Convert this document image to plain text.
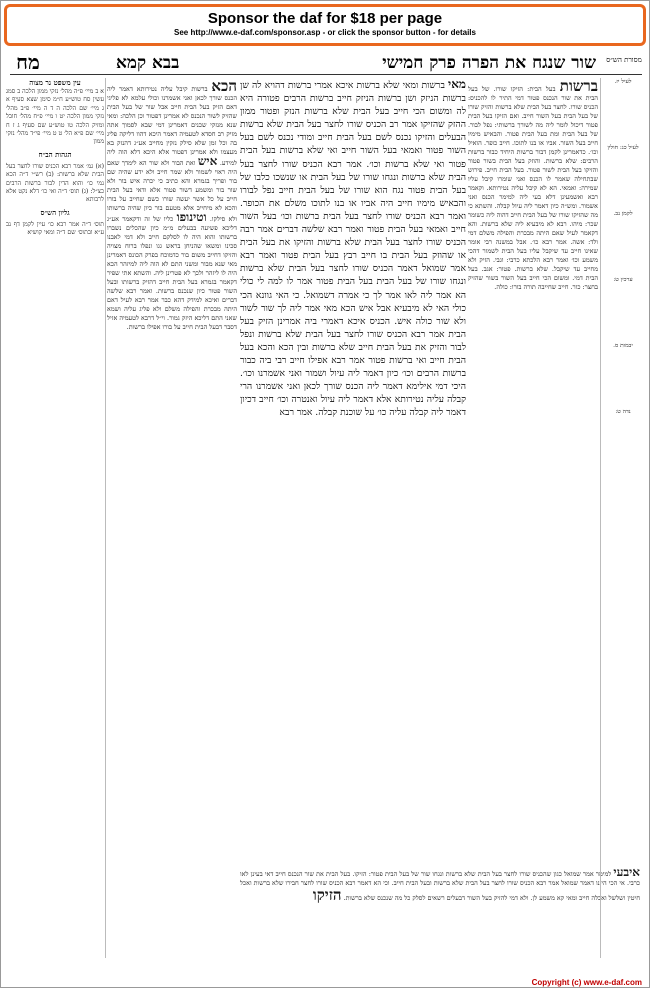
Sponsor the daf for $18 per page
See http://www.e-daf.com/sponsor.asp - or click the sponsor button - for details
מח	שור שנגח את הפרה פרק חמישי
בבא קמא	מסורת הש״ס

עין משפט נר מצוה

א ב מיי׳ פ״ה מהל׳ נזקי ממון הלכה ב סמג עשין סח טוש״ע ח״מ סימן שצא סעיף א ג מיי׳ שם הלכה ה ד ה מיי׳ פ״ב מהל׳ נזקי ממון הלכה יט ו מיי׳ פ״ח מהל׳ חובל ומזיק הלכה טו טוש״ע שם סעיף ג ז ח מיי׳ שם פ״א הל׳ ט ט מיי׳ פי״ד מהל׳ נזקי ממון

הגהות הב״ח

(א) גמ׳ אמר רבא הכניס שורו לחצר בעל הבית שלא ברשות: (ב) רש״י ד״ה הכא נמי כו׳ והוא הדין לבור ברשות הרבים כצ״ל: (ג) תוס׳ ד״ה ואי כו׳ דלא נקט אלא לרבותא

גליון הש״ס

תוס׳ ד״ה אמר רבא כו׳ עיין לקמן דף נב ע״א ובתוס׳ שם ד״ה ומאי קושיא

הכא ברשות קיבל עליה נטירותא דאמר ליה הכנס שורך לכאן ואני אשמרנו וכולי עלמא לא פליגי דאם הזיק בעל הבית חייב אבל שור של בעל הבית שהזיק לשור הנכנס לא אמרינן דפטור וכן הלכה: ומאי שנא מנזקי שכנים דאמרינן דמי שבא לסמוך אתה מזיק רב חסדא לטעמיה דאמר היכא דהוו דליקה פליג בה וכל זמן שלא סילק נזקין מחייב אע״ג דהנזק בא מעצמו ולא אמרינן דפטור אלא היכא דלא הוה ליה למידע. איש ואת הבור ולא שור הא לימדך שאם היה ראוי לשמור ולא שמר חייב ולא ידע שהיה שם בור ופריך בגמרא והא כתיב כי יכרה איש בור ולא שור בור ומשמע דשור פטור אלא ודאי בעל הבית חייב על כל אשר יעשה שורו כשם שחייב על בורו והכא לא מיחייב אלא מטעם בור כיון שהיה ברשותו ולא סילקו. וטינופו כליו של זה ודקאמר אע״ג דליכא פשיעה בבעלים מ״מ כיון שהכלים נשברו ברשותו והוא היה לו לסלקם חייב ולא דמי לאבנו סכינו ומשאו שהניחן בראש גגו ונפלו ברוח מצויה והזיקו דחייב משום בור כדמוכח בפרק הכונס דאמרינן מאי שנא מבור ומשני התם לא הוה ליה למיזהר הכא היה לו ליזהר ולכך לא פטרינן ליה. והשתא אתי שפיר דקאמר בגמרא בעל הבית חייב דהזיק ברשותו ובעל השור פטור כיון שנכנס ברשות. ואמר רבא שלשה דברים ואיכא למידק דהא כבר אמר רבא לעיל דאם היתה מבכרת והפילה משלם ולא פליג עליה ושמא שאני התם דליכא היזק גמור. וי״ל דרבא לטעמיה אזיל דסבר דבעל הבית חייב על בורו אפילו ברשות.
מאי ברשות ומאי שלא ברשות איכא אמרי ברשות דהויא לה שן ברשות הניזק ושן ברשות הניזק חייב ברשות הרבים פטורה היא לה ומשום הכי חייב בעל הבית שלא ברשות הנזק ופטור ממון ההזק שהזיקו אמר רב הכניס שורו לחצר בעל הבית שלא ברשות הבעלים והזיקו נכנס לשם בעל הבית חייב ומודי נכנס לשם בעל השור פטור ואמאי בעל השור חייב ואי שלא ברשות בעל הבית פטור ואי שלא ברשות וכו׳. אמר רבא הכניס שורו לחצר בעל הבית שלא ברשות ונגחו שורו של בעל הבית או שנשכו כלבו של בעל הבית פטור נגח הוא שורו של בעל הבית חייב נפל לבורו והבאיש מימיו חייב היה אביו או בנו לתוכו משלם את הכופר. ואמר רבא הכניס שורו לחצר בעל הבית ברשות וכו׳ בעל השור חייב ואמאי בעל הבית פטור ואמר רבא שלשה דברים אמר רבה הכניס שורו לחצר בעל הבית שלא ברשות והזיקו את בעל הבית או שהוזק בעל הבית בו חייב רבץ בעל הבית פטור ואמר רבא אמר שמואל דאמר הכניס שורו לחצר בעל הבית שלא ברשות ונגחו שורו של בעל הבית בעל הבית פטור אמר לו למה לי כולי הא אמר ליה לאו אמר לך כי אמרה דשמואל. כי האי גוונא הכי כולי האי לא מיבעיא אבל איש הכא מאי אמר ליה לך שור לשור ולא שור כולה איש. הכניס איכא דאמרי ביה אמרינן הזיק בעל הבית אמר רבא הכניס שורו לחצר בעל הבית שלא ברשות ונפל לבור והזיק את בעל הבית חייב שלא ברשות ובין הכא והכא בעל הבית חייב ואי ברשות פטור אמר רבא אפילו חייב רבי ביה כבור ברשות הרבים וכו׳ כיון דאמר ליה עיול ושמור ואני אשמרנו וכו׳. היכי דמי אילימא דאמר ליה הכנס שורך לכאן ואני אשמרנו הרי קבלה עליה נטירותא אלא דאמר ליה עיול ואנטרה וכו׳ חייב דכיון דאמר ליה קבלה עליה כו׳ על שוכנת קבלה. אמר רבא
ברשות בעל הבית: הזיקו שורו. של בעל הבית את שור הנכנס פטור דמי התיר לו להכניס: הכניס שורו. לחצר בעל הבית שלא ברשות והזיק שורו של בעל הבית בעל השור חייב. ואם הזיקו בעל הבית פטור דיכול לומר ליה מה לשורך ברשותי: נפל לבור. של בעל הבית ומת בעל הבית פטור. והבאיש מימיו חייב בעל השור. אביו או בנו לתוכו. חייב כופר. הואיל וכו׳. כדאמרינן לקמן דבור ברשות היחיד כבור ברשות הרבים: שלא ברשות. והוזק בעל הבית בשור פטור והזיקו בעל הבית לשור פטור. בעל הבית חייב. פירוש שבתחילה שאמר לו הכנס ואני שומרו קיבל עליו שמירה: ואמאי. הא לא קיבל עליה נטירותא. וקאמר רבא ואשמעינן דלא בעי ליה למימר הכנס ואני אשמור. ומש״ה כיון דאמר ליה עיול קבלה. והשתא כי מה שהזיקו שורו של בעל הבית חייב דהוה ליה כשומר שכר: מיהו. רבא לא מיבעיא ליה שלא ברשות. והא דקאמר לעיל שאם היתה מבכרת והפילה משלם דמי ולד: אשה. אמר רבא כו׳. אבל במשנה רבי אומר שאינו חייב עד שיקבל עליו בעל הבית לשמור דהכי משמע וכו׳ ואמר רבא הלכתא כרבי: וגבי. הזיק ולא מחייב עד שיקבל. שלא ברשות. פטור: אגב. בעל הבית דמי. ומשום הכי חייב בעל השור בשור שהזיק בחצר: כור. חייב שחייבה תורה בורו: כולה.
לעיל יז.
לעיל כג: חולין
לקמן נב.
ערכין ט:
יבמות ס.
נדה ט:
איבעי למימר אמר שמואל כגון שהכניס שורו לחצר בעל הבית שלא ברשות ונגחו שור של בעל הבית פטור: הזיקו. בעל הבית את שור הנכנס חייב דאי בעינן לאו כרבי. אי הכי היינו דאמר שמואל אמר רבא הכניס שורו לחצר בעל הבית שלא ברשות ובעל הבית חייב. וכי הא דאמר רבא הכניס שורו לחצר חבירו שלא ברשות ואכל חיטין ושלשל ואכלה חייב ומאי קא משמע לן. ולא דמי להזיק בעל השור דבעלים רשאים לסלק כל מה שנכנס שלא ברשות. הזיקו
Copyright (c) www.e-daf.com
